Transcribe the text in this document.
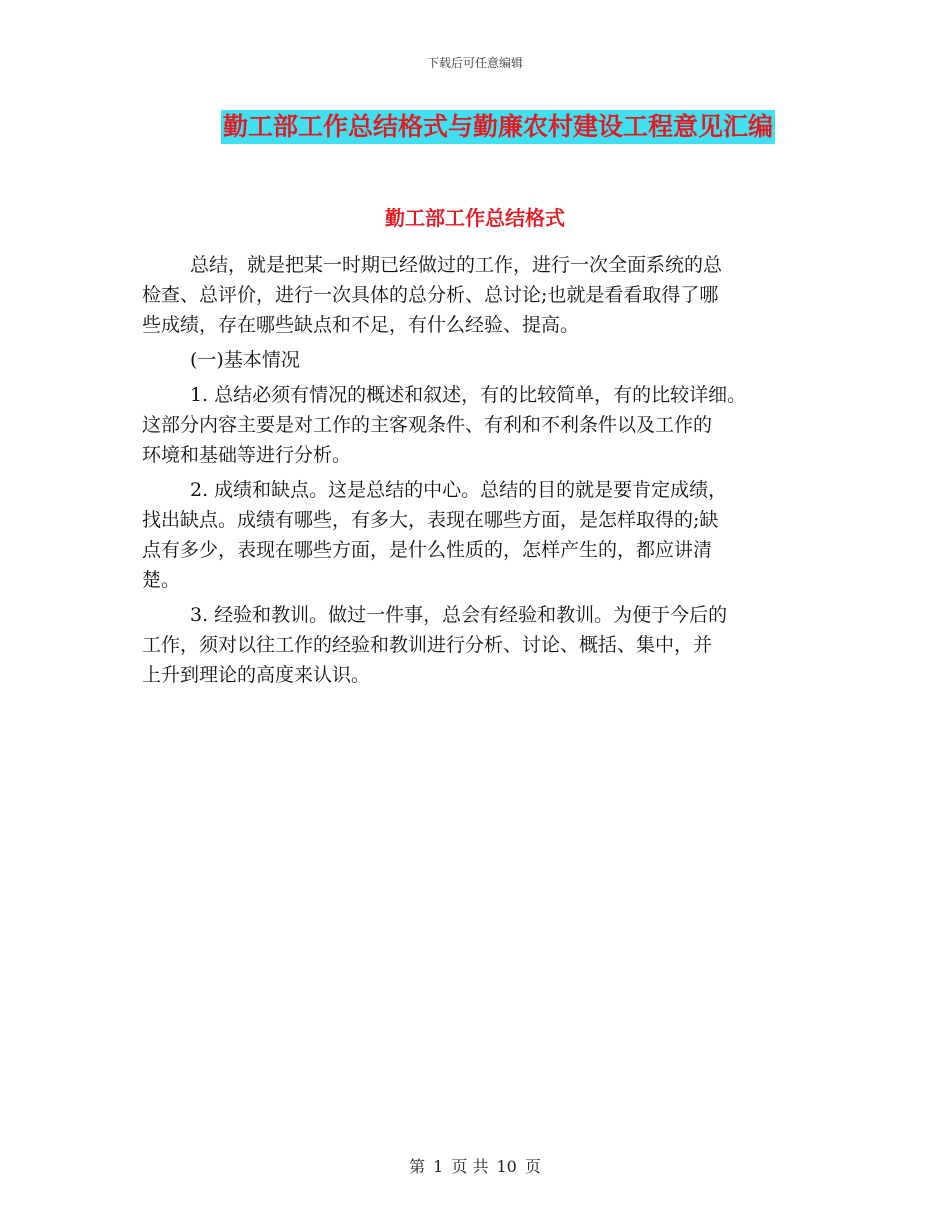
下载后可任意编辑
勤工部工作总结格式与勤廉农村建设工程意见汇编
勤工部工作总结格式
总结，就是把某一时期已经做过的工作，进行一次全面系统的总
检查、总评价，进行一次具体的总分析、总讨论;也就是看看取得了哪
些成绩，存在哪些缺点和不足，有什么经验、提高。
(一)基本情况
1. 总结必须有情况的概述和叙述，有的比较简单，有的比较详细。
这部分内容主要是对工作的主客观条件、有利和不利条件以及工作的
环境和基础等进行分析。
2. 成绩和缺点。这是总结的中心。总结的目的就是要肯定成绩，
找出缺点。成绩有哪些，有多大，表现在哪些方面，是怎样取得的;缺
点有多少，表现在哪些方面，是什么性质的，怎样产生的，都应讲清
楚。
3. 经验和教训。做过一件事，总会有经验和教训。为便于今后的
工作，须对以往工作的经验和教训进行分析、讨论、概括、集中，并
上升到理论的高度来认识。
第 1 页 共 10 页
